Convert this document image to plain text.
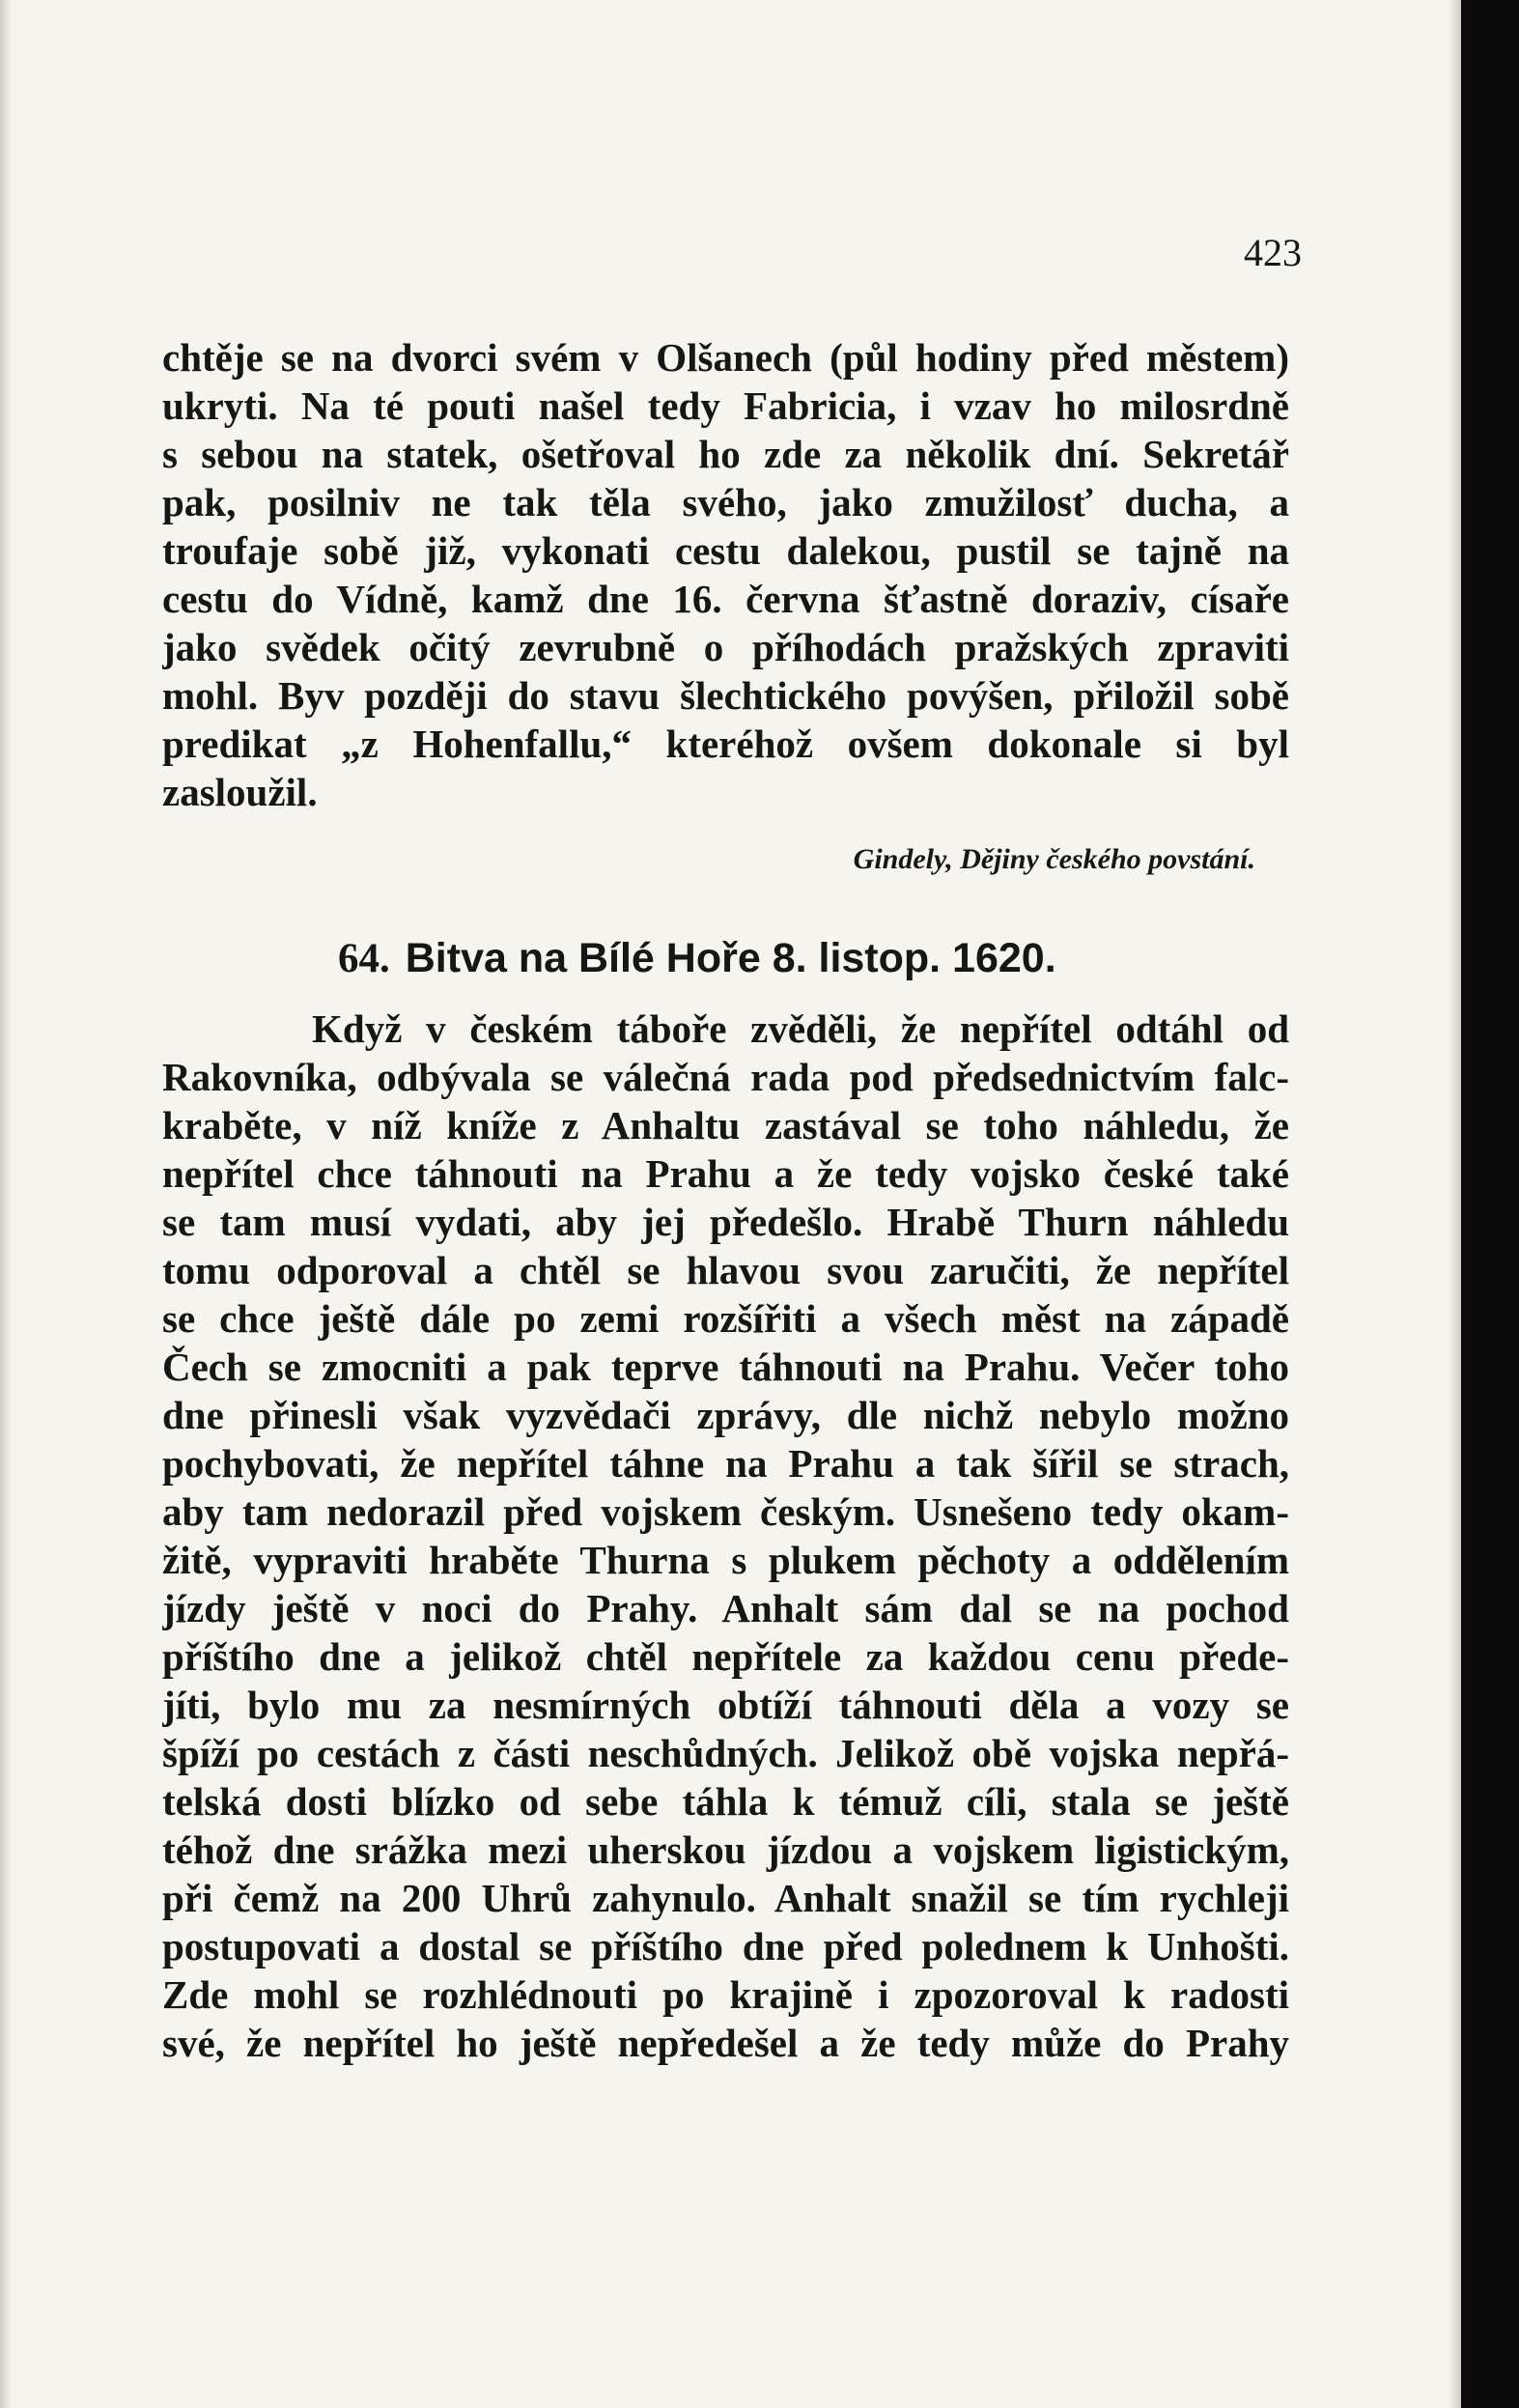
423
chtěje se na dvorci svém v Olšanech (půl hodiny před městem)
ukryti. Na té pouti našel tedy Fabricia, i vzav ho milosrdně
s sebou na statek, ošetřoval ho zde za několik dní. Sekretář
pak, posilniv ne tak těla svého, jako zmužilosť ducha, a
troufaje sobě již, vykonati cestu dalekou, pustil se tajně na
cestu do Vídně, kamž dne 16. června šťastně doraziv, císaře
jako svědek očitý zevrubně o příhodách pražských zpraviti
mohl. Byv později do stavu šlechtického povýšen, přiložil sobě
predikat „z Hohenfallu,“ kteréhož ovšem dokonale si byl
zasloužil.
Gindely, Dějiny českého povstání.
64. Bitva na Bílé Hoře 8. listop. 1620.
Když v českém táboře zvěděli, že nepřítel odtáhl od
Rakovníka, odbývala se válečná rada pod předsednictvím falc-
kraběte, v níž kníže z Anhaltu zastával se toho náhledu, že
nepřítel chce táhnouti na Prahu a že tedy vojsko české také
se tam musí vydati, aby jej předešlo. Hrabě Thurn náhledu
tomu odporoval a chtěl se hlavou svou zaručiti, že nepřítel
se chce ještě dále po zemi rozšířiti a všech měst na západě
Čech se zmocniti a pak teprve táhnouti na Prahu. Večer toho
dne přinesli však vyzvědači zprávy, dle nichž nebylo možno
pochybovati, že nepřítel táhne na Prahu a tak šířil se strach,
aby tam nedorazil před vojskem českým. Usnešeno tedy okam-
žitě, vypraviti hraběte Thurna s plukem pěchoty a oddělením
jízdy ještě v noci do Prahy. Anhalt sám dal se na pochod
příštího dne a jelikož chtěl nepřítele za každou cenu přede-
jíti, bylo mu za nesmírných obtíží táhnouti děla a vozy se
špíží po cestách z části neschůdných. Jelikož obě vojska nepřá-
telská dosti blízko od sebe táhla k témuž cíli, stala se ještě
téhož dne srážka mezi uherskou jízdou a vojskem ligistickým,
při čemž na 200 Uhrů zahynulo. Anhalt snažil se tím rychleji
postupovati a dostal se příštího dne před polednem k Unhošti.
Zde mohl se rozhlédnouti po krajině i zpozoroval k radosti
své, že nepřítel ho ještě nepředešel a že tedy může do Prahy
